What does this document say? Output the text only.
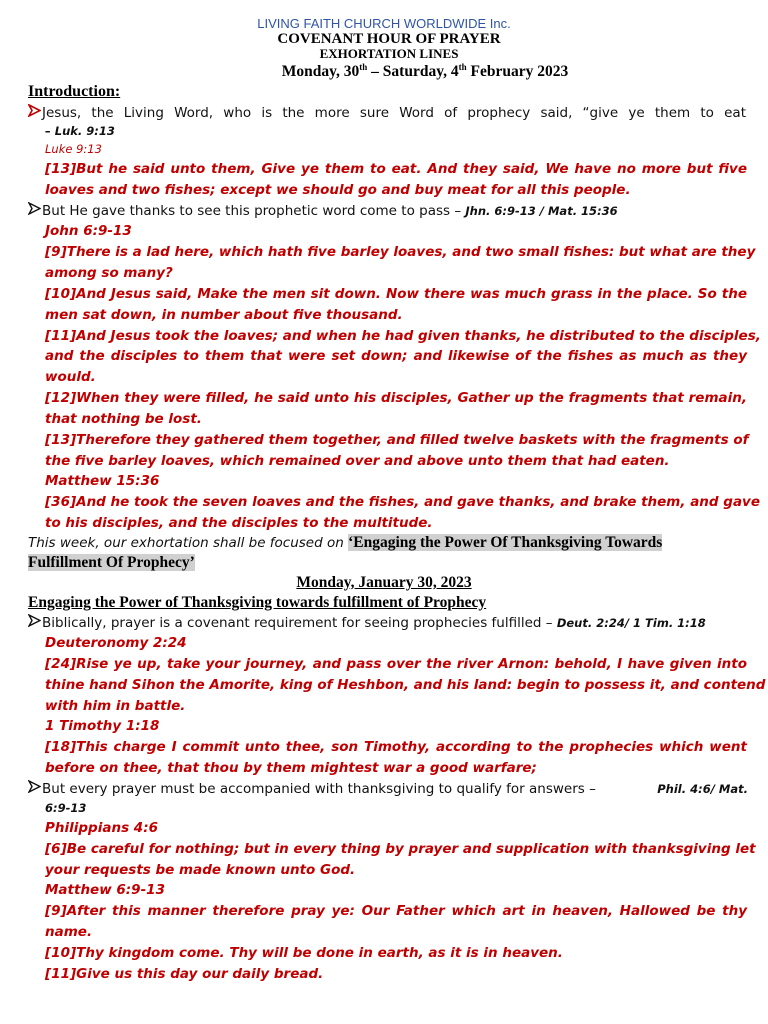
LIVING FAITH CHURCH WORLDWIDE Inc.
COVENANT HOUR OF PRAYER
EXHORTATION LINES
Monday, 30th – Saturday, 4th February 2023
Introduction:
Jesus, the Living Word, who is the more sure Word of prophecy said, “give ye them to eat
– Luk. 9:13
Luke 9:13
[13]But he said unto them, Give ye them to eat. And they said, We have no more but five
loaves and two fishes; except we should go and buy meat for all this people.
But He gave thanks to see this prophetic word come to pass – Jhn. 6:9-13 / Mat. 15:36
John 6:9-13
[9]There is a lad here, which hath five barley loaves, and two small fishes: but what are they
among so many?
[10]And Jesus said, Make the men sit down. Now there was much grass in the place. So the
men sat down, in number about five thousand.
[11]And Jesus took the loaves; and when he had given thanks, he distributed to the disciples,
and the disciples to them that were set down; and likewise of the fishes as much as they
would.
[12]When they were filled, he said unto his disciples, Gather up the fragments that remain,
that nothing be lost.
[13]Therefore they gathered them together, and filled twelve baskets with the fragments of
the five barley loaves, which remained over and above unto them that had eaten.
Matthew 15:36
[36]And he took the seven loaves and the fishes, and gave thanks, and brake them, and gave
to his disciples, and the disciples to the multitude.
This week, our exhortation shall be focused on ‘Engaging the Power Of Thanksgiving Towards
Fulfillment Of Prophecy’
Monday, January 30, 2023
Engaging the Power of Thanksgiving towards fulfillment of Prophecy
Biblically, prayer is a covenant requirement for seeing prophecies fulfilled – Deut. 2:24/ 1 Tim. 1:18
Deuteronomy 2:24
[24]Rise ye up, take your journey, and pass over the river Arnon: behold, I have given into
thine hand Sihon the Amorite, king of Heshbon, and his land: begin to possess it, and contend
with him in battle.
1 Timothy 1:18
[18]This charge I commit unto thee, son Timothy, according to the prophecies which went
before on thee, that thou by them mightest war a good warfare;
But every prayer must be accompanied with thanksgiving to qualify for answers –	Phil. 4:6/ Mat.
6:9-13
Philippians 4:6
[6]Be careful for nothing; but in every thing by prayer and supplication with thanksgiving let
your requests be made known unto God.
Matthew 6:9-13
[9]After this manner therefore pray ye: Our Father which art in heaven, Hallowed be thy
name.
[10]Thy kingdom come. Thy will be done in earth, as it is in heaven.
[11]Give us this day our daily bread.
